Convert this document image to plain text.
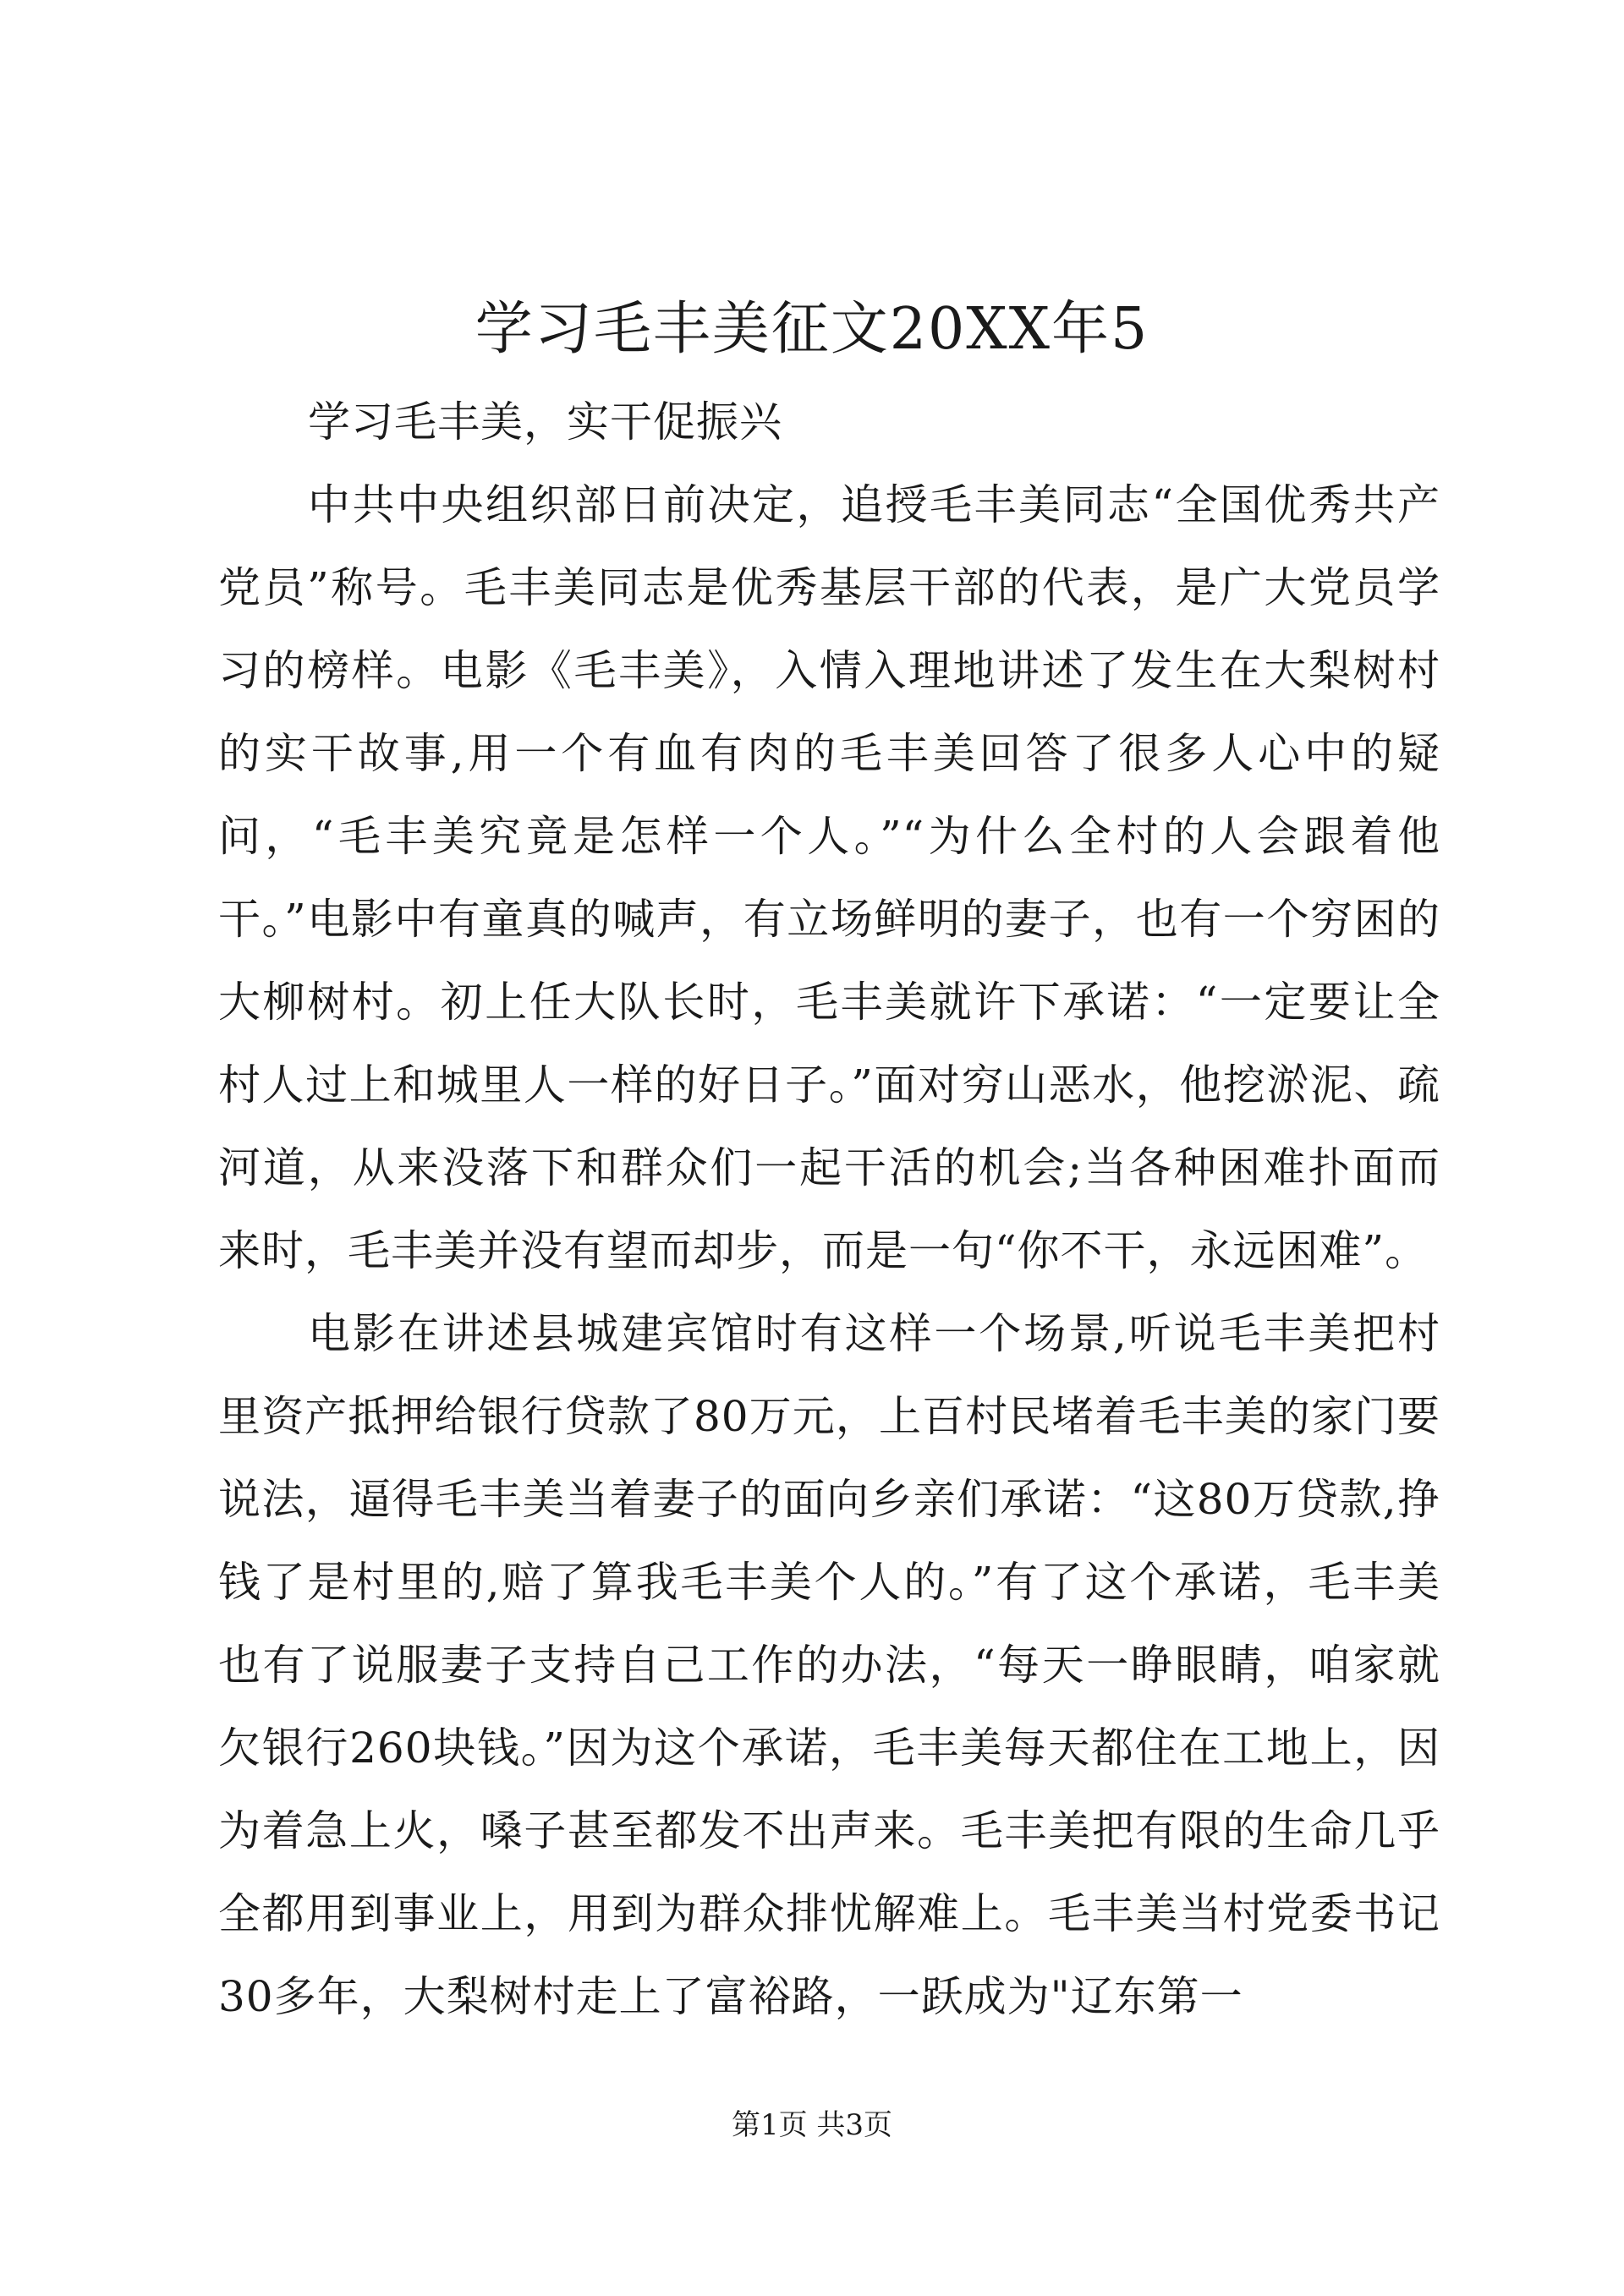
学习毛丰美征文20XX年5

学习毛丰美，实干促振兴

中共中央组织部日前决定，追授毛丰美同志“全国优秀共产党员”称号。毛丰美同志是优秀基层干部的代表，是广大党员学习的榜样。电影《毛丰美》，入情入理地讲述了发生在大梨树村的实干故事,用一个有血有肉的毛丰美回答了很多人心中的疑问，“毛丰美究竟是怎样一个人。”“为什么全村的人会跟着他干。”电影中有童真的喊声，有立场鲜明的妻子，也有一个穷困的大柳树村。初上任大队长时，毛丰美就许下承诺：“一定要让全村人过上和城里人一样的好日子。”面对穷山恶水，他挖淤泥、疏河道，从来没落下和群众们一起干活的机会;当各种困难扑面而来时，毛丰美并没有望而却步，而是一句“你不干，永远困难”。

电影在讲述县城建宾馆时有这样一个场景,听说毛丰美把村里资产抵押给银行贷款了80万元，上百村民堵着毛丰美的家门要说法，逼得毛丰美当着妻子的面向乡亲们承诺：“这80万贷款,挣钱了是村里的,赔了算我毛丰美个人的。”有了这个承诺，毛丰美也有了说服妻子支持自己工作的办法，“每天一睁眼睛，咱家就欠银行260块钱。”因为这个承诺，毛丰美每天都住在工地上，因为着急上火，嗓子甚至都发不出声来。毛丰美把有限的生命几乎全都用到事业上，用到为群众排忧解难上。毛丰美当村党委书记30多年，大梨树村走上了富裕路，一跃成为"辽东第一

第1页 共3页
